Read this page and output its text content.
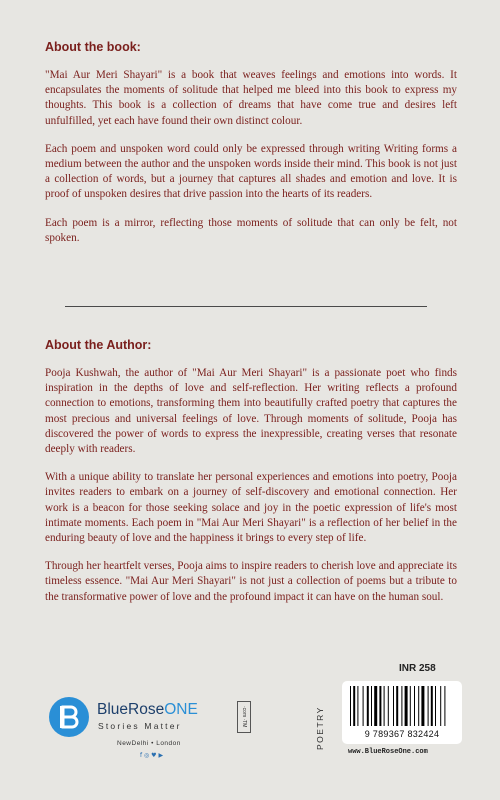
About the book:

"Mai Aur Meri Shayari" is a book that weaves feelings and emotions into words. It encapsulates the moments of solitude that helped me bleed into this book to express my thoughts. This book is a collection of dreams that have come true and desires left unfulfilled, yet each have found their own distinct colour.

Each poem and unspoken word could only be expressed through writing Writing forms a medium between the author and the unspoken words inside their mind. This book is not just a collection of words, but a journey that captures all shades and emotion and love. It is proof of unspoken desires that drive passion into the hearts of its readers.

Each poem is a mirror, reflecting those moments of solitude that can only be felt, not spoken.

About the Author:

Pooja Kushwah, the author of "Mai Aur Meri Shayari" is a passionate poet who finds inspiration in the depths of love and self-reflection. Her writing reflects a profound connection to emotions, transforming them into beautifully crafted poetry that captures the most precious and universal feelings of love. Through moments of solitude, Pooja has discovered the power of words to express the inexpressible, creating verses that resonate deeply with readers.

With a unique ability to translate her personal experiences and emotions into poetry, Pooja invites readers to embark on a journey of self-discovery and emotional connection. Her work is a beacon for those seeking solace and joy in the poetic expression of life's most intimate moments. Each poem in "Mai Aur Meri Shayari" is a reflection of her belief in the enduring beauty of love and the happiness it brings to every step of life.

Through her heartfelt verses, Pooja aims to inspire readers to cherish love and appreciate its timeless essence. "Mai Aur Meri Shayari" is not just a collection of poems but a tribute to the transformative power of love and the profound impact it can have on the human soul.

BlueRoseONE	·com ·TM
Stories Matter
NewDelhi • London
f ◎ ♥ ▶
INR 258
POETRY	9 789367 832424
www.BlueRoseOne.com
